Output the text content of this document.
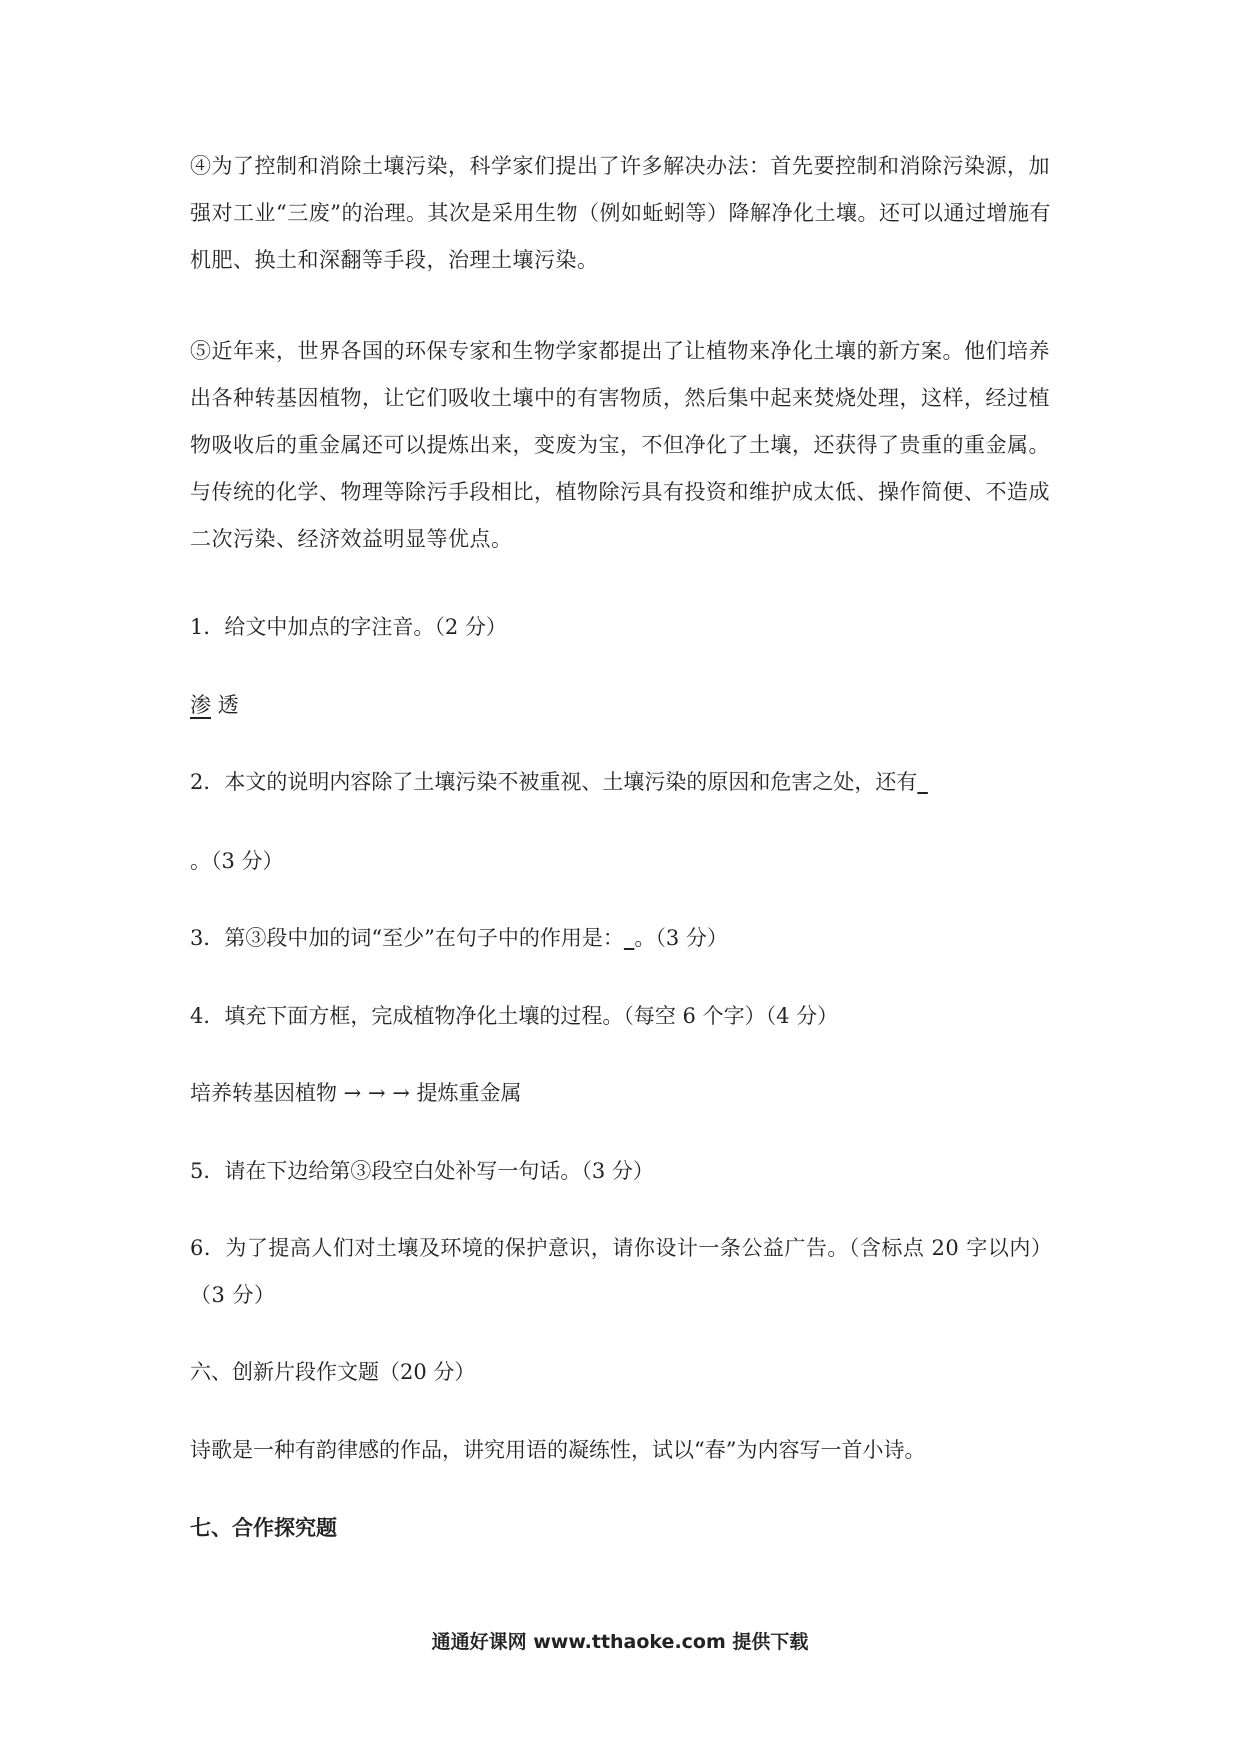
④为了控制和消除土壤污染，科学家们提出了许多解决办法：首先要控制和消除污染源，加强对工业“三废”的治理。其次是采用生物（例如蚯蚓等）降解净化土壤。还可以通过增施有机肥、换土和深翻等手段，治理土壤污染。

⑤近年来，世界各国的环保专家和生物学家都提出了让植物来净化土壤的新方案。他们培养出各种转基因植物，让它们吸收土壤中的有害物质，然后集中起来焚烧处理，这样，经过植物吸收后的重金属还可以提炼出来，变废为宝，不但净化了土壤，还获得了贵重的重金属。与传统的化学、物理等除污手段相比，植物除污具有投资和维护成太低、操作简便、不造成二次污染、经济效益明显等优点。

1．给文中加点的字注音。（2 分）

渗 透

2．本文的说明内容除了土壤污染不被重视、土壤污染的原因和危害之处，还有_

。（3 分）

3．第③段中加的词“至少”在句子中的作用是：_。（3 分）

4．填充下面方框，完成植物净化土壤的过程。（每空 6 个字）（4 分）

培养转基因植物 → → → 提炼重金属

5．请在下边给第③段空白处补写一句话。（3 分）

6．为了提高人们对土壤及环境的保护意识，请你设计一条公益广告。（含标点 20 字以内）（3 分）

六、创新片段作文题（20 分）

诗歌是一种有韵律感的作品，讲究用语的凝练性，试以“春”为内容写一首小诗。

七、合作探究题

通通好课网 www.tthaoke.com 提供下载
